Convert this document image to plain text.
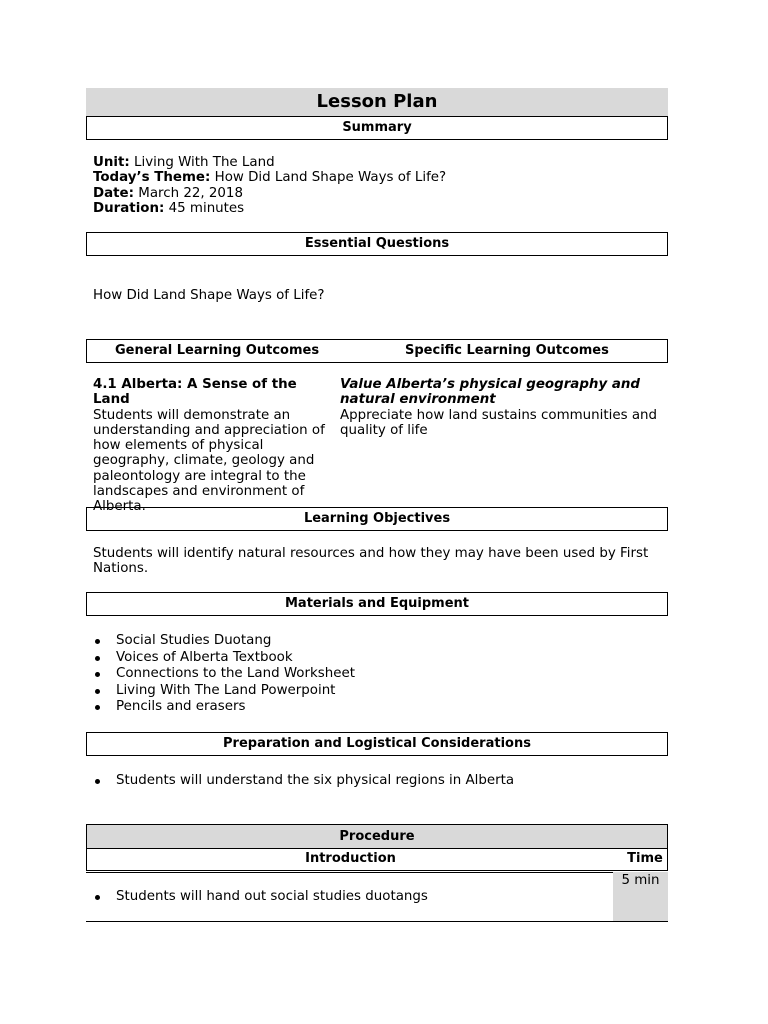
Lesson Plan
Summary
Unit: Living With The Land
Today’s Theme: How Did Land Shape Ways of Life?
Date: March 22, 2018
Duration: 45 minutes
Essential Questions
How Did Land Shape Ways of Life?
General Learning Outcomes	Specific Learning Outcomes
4.1 Alberta: A Sense of the Land
Students will demonstrate an understanding and appreciation of how elements of physical geography, climate, geology and paleontology are integral to the landscapes and environment of Alberta.
Value Alberta’s physical geography and natural environment
Appreciate how land sustains communities and quality of life
Learning Objectives
Students will identify natural resources and how they may have been used by First Nations.
Materials and Equipment
Social Studies Duotang
Voices of Alberta Textbook
Connections to the Land Worksheet
Living With The Land Powerpoint
Pencils and erasers
Preparation and Logistical Considerations
Students will understand the six physical regions in Alberta
Procedure
Introduction	Time
5 min
Students will hand out social studies duotangs
